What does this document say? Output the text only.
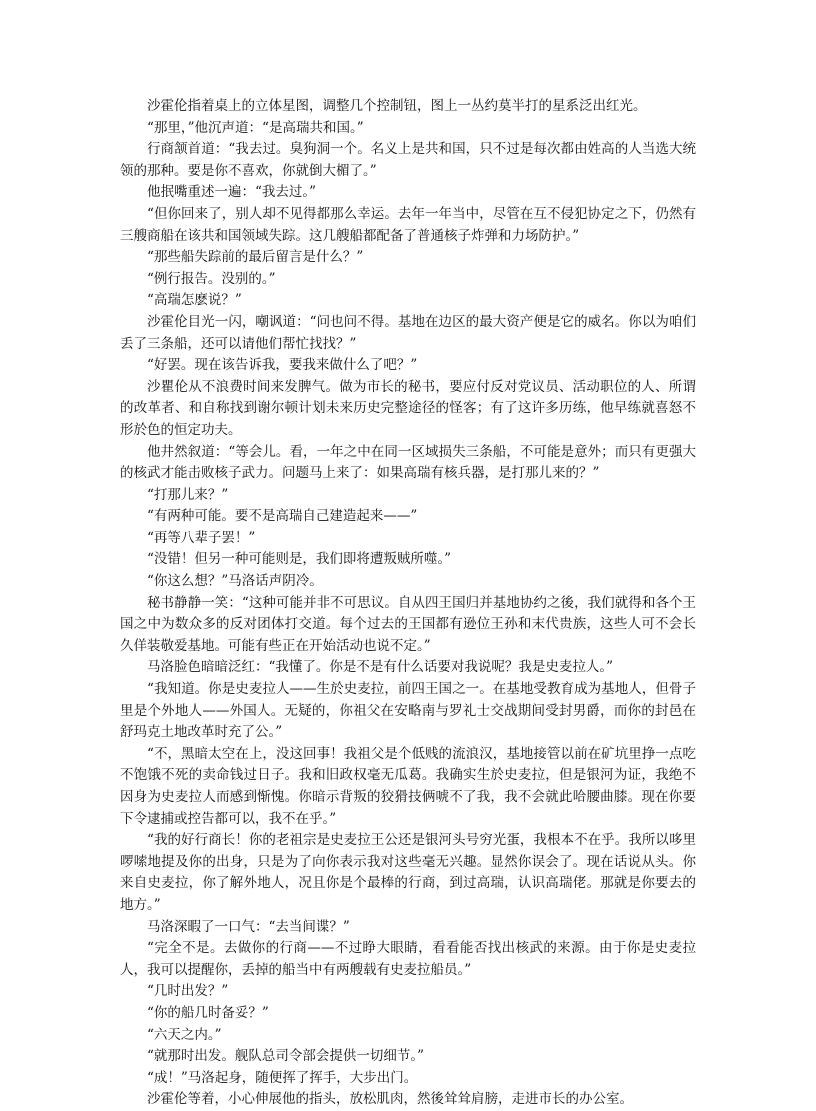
沙霍伦指着桌上的立体星图，调整几个控制钮，图上一丛约莫半打的星系泛出红光。

“那里，”他沉声道：“是高瑞共和国。”

行商颔首道：“我去过。臭狗洞一个。名义上是共和国，只不过是每次都由姓高的人当选大统领的那种。要是你不喜欢，你就倒大楣了。”

他抿嘴重述一遍：“我去过。”

“但你回来了，别人却不见得都那么幸运。去年一年当中，尽管在互不侵犯协定之下，仍然有三艘商船在该共和国领域失踪。这几艘船都配备了普通核子炸弹和力场防护。”

“那些船失踪前的最后留言是什么？”

“例行报告。没别的。”

“高瑞怎麽说？”

沙霍伦目光一闪，嘲讽道：“问也问不得。基地在边区的最大资产便是它的威名。你以为咱们丢了三条船，还可以请他们帮忙找找？”

“好罢。现在该告诉我，要我来做什么了吧？”

沙瞿伦从不浪费时间来发脾气。做为市长的秘书，要应付反对党议员、活动职位的人、所谓的改革者、和自称找到谢尔顿计划未来历史完整途径的怪客；有了这许多历练，他早练就喜怒不形於色的恒定功夫。

他井然叙道：“等会儿。看，一年之中在同一区域损失三条船，不可能是意外；而只有更强大的核武才能击败核子武力。问题马上来了：如果高瑞有核兵器，是打那儿来的？”

“打那儿来？”

“有两种可能。要不是高瑞自己建造起来——”

“再等八辈子罢！”

“没错！但另一种可能则是，我们即将遭叛贼所噬。”

“你这么想？”马洛话声阴冷。

秘书静静一笑：“这种可能并非不可思议。自从四王国归并基地协约之後，我们就得和各个王国之中为数众多的反对团体打交道。每个过去的王国都有逊位王孙和末代贵族，这些人可不会长久佯装敬爱基地。可能有些正在开始活动也说不定。”

马洛脸色暗暗泛红：“我懂了。你是不是有什么话要对我说呢？我是史麦拉人。”

“我知道。你是史麦拉人——生於史麦拉，前四王国之一。在基地受教育成为基地人，但骨子里是个外地人——外国人。无疑的，你祖父在安略南与罗礼士交战期间受封男爵，而你的封邑在舒玛克土地改革时充了公。”

“不，黑暗太空在上，没这回事！我祖父是个低贱的流浪汉，基地接管以前在矿坑里挣一点吃不饱饿不死的卖命钱过日子。我和旧政权毫无瓜葛。我确实生於史麦拉，但是银河为证，我绝不因身为史麦拉人而感到惭愧。你暗示背叛的狡猾技俩唬不了我，我不会就此哈腰曲膝。现在你要下令逮捕或控告都可以，我不在乎。”

“我的好行商长！你的老祖宗是史麦拉王公还是银河头号穷光蛋，我根本不在乎。我所以哆里啰嗦地提及你的出身，只是为了向你表示我对这些毫无兴趣。显然你误会了。现在话说从头。你来自史麦拉，你了解外地人，况且你是个最棒的行商，到过高瑞，认识高瑞佬。那就是你要去的地方。”

马洛深暇了一口气：“去当间谍？”

“完全不是。去做你的行商——不过睁大眼睛，看看能否找出核武的来源。由于你是史麦拉人，我可以提醒你，丢掉的船当中有两艘载有史麦拉船员。”

“几时出发？”

“你的船几时备妥？”

“六天之内。”

“就那时出发。舰队总司令部会提供一切细节。”

“成！”马洛起身，随便挥了挥手，大步出门。

沙霍伦等着，小心伸展他的指头，放松肌肉，然後耸耸肩膀，走进市长的办公室。
